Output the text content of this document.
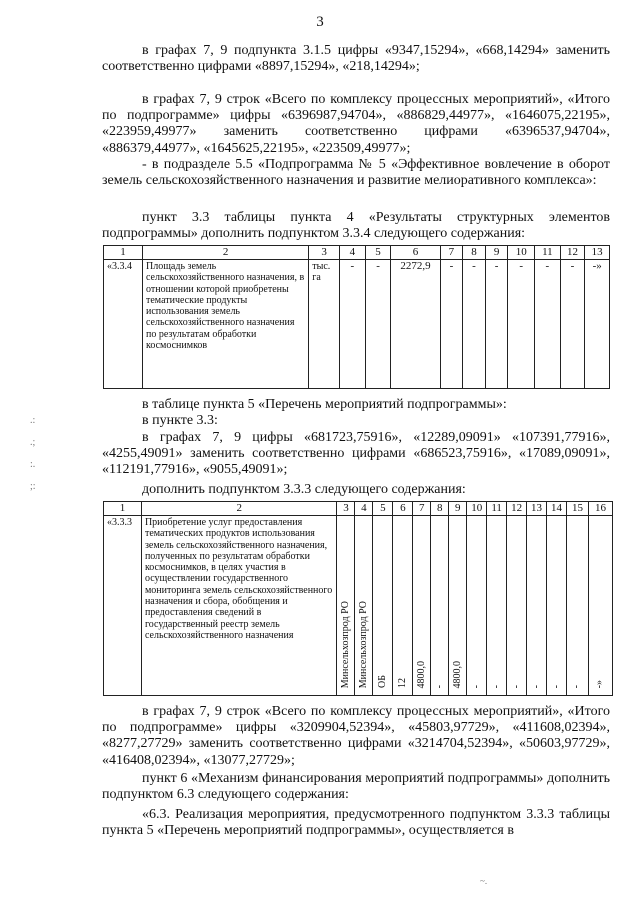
3
в графах 7, 9 подпункта 3.1.5 цифры «9347,15294», «668,14294» заменить соответственно цифрами «8897,15294», «218,14294»;
в графах 7, 9 строк «Всего по комплексу процессных мероприятий», «Итого по подпрограмме» цифры «6396987,94704», «886829,44977», «1646075,22195», «223959,49977» заменить соответственно цифрами «6396537,94704», «886379,44977», «1645625,22195», «223509,49977»;
- в подразделе 5.5 «Подпрограмма № 5 «Эффективное вовлечение в оборот земель сельскохозяйственного назначения и развитие мелиоративного комплекса»:
пункт 3.3 таблицы пункта 4 «Результаты структурных элементов подпрограммы» дополнить подпунктом 3.3.4 следующего содержания:
1	2	3	4	5	6	7	8	9	10	11	12	13
«3.3.4	Площадь земель сельскохозяйственного назначения, в отношении которой приобретены тематические продукты использования земель сельскохозяйственного назначения по результатам обработки космоснимков	тыс. га	-	-	2272,9	-	-	-	-	-	-	-»
в таблице пункта 5 «Перечень мероприятий подпрограммы»:
в пункте 3.3:
в графах 7, 9 цифры «681723,75916», «12289,09091» «107391,77916», «4255,49091» заменить соответственно цифрами «686523,75916», «17089,09091», «112191,77916», «9055,49091»;
дополнить подпунктом 3.3.3 следующего содержания:
1	2	3	4	5	6	7	8	9	10	11	12	13	14	15	16
«3.3.3	Приобретение услуг предоставления тематических продуктов использования земель сельскохозяйственного назначения, полученных по результатам обработки космоснимков, в целях участия в осуществлении государственного мониторинга земель сельскохозяйственного назначения и сбора, обобщения и предоставления сведений в государственный реестр земель сельскохозяйственного назначения	Минсельхозпрод РО	Минсельхозпрод РО	ОБ	12	4800,0	-	4800,0	-	-	-	-	-	-	-»
в графах 7, 9 строк «Всего по комплексу процессных мероприятий», «Итого по подпрограмме» цифры «3209904,52394», «45803,97729», «411608,02394», «8277,27729» заменить соответственно цифрами «3214704,52394», «50603,97729», «416408,02394», «13077,27729»;
пункт 6 «Механизм финансирования мероприятий подпрограммы» дополнить подпунктом 6.3 следующего содержания:
«6.3. Реализация мероприятия, предусмотренного подпунктом 3.3.3 таблицы пункта 5 «Перечень мероприятий подпрограммы», осуществляется в
.:
.;
:.
;:
~.
